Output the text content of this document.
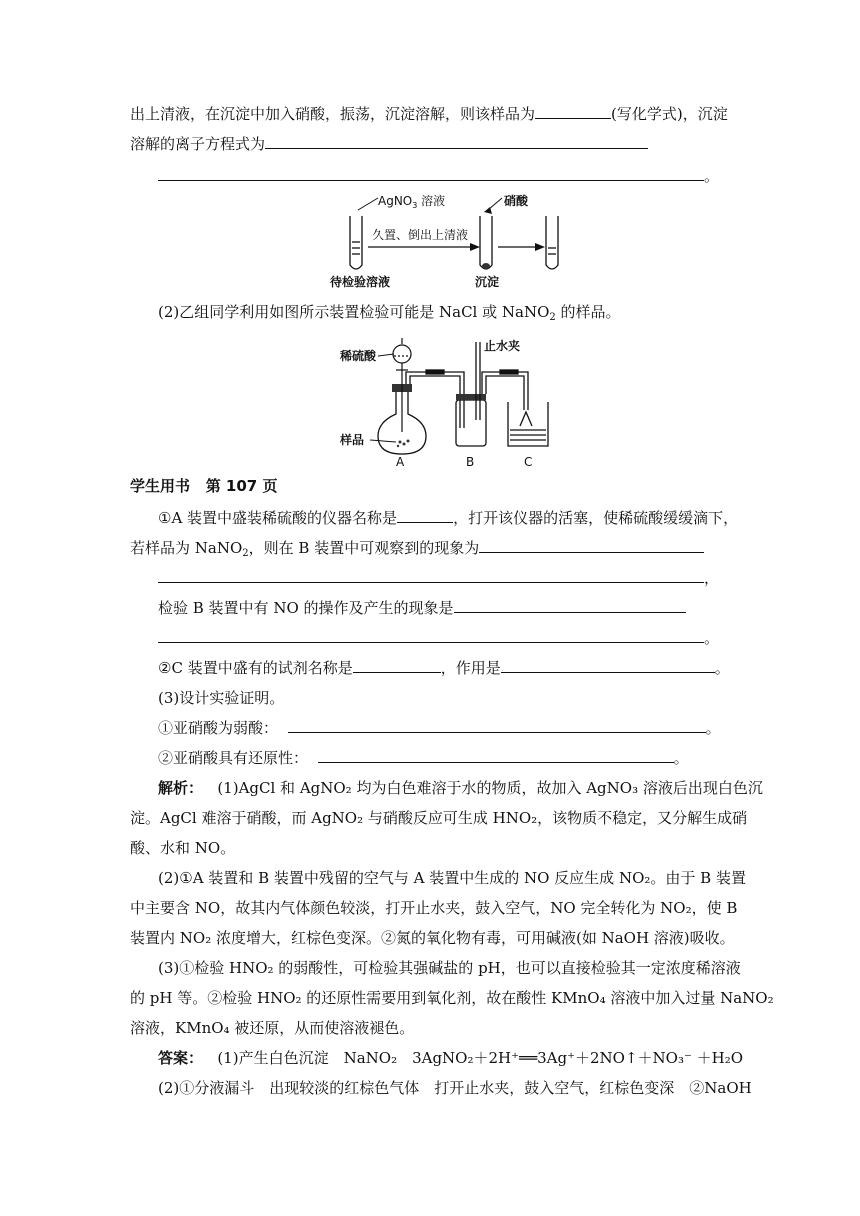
出上清液，在沉淀中加入硝酸，振荡，沉淀溶解，则该样品为	(写化学式)，沉淀
溶解的离子方程式为
。
AgNO$_3$ 溶液
待检验溶液
久置、倒出上清液
硝酸
沉淀
(2)乙组同学利用如图所示装置检验可能是 NaCl 或 NaNO$_2$ 的样品。
稀硫酸
样品
止水夹
A	B	C
学生用书 第 107 页
①A 装置中盛装稀硫酸的仪器名称是	，打开该仪器的活塞，使稀硫酸缓缓滴下，
若样品为 NaNO$_2$，则在 B 装置中可观察到的现象为
，
检验 B 装置中有 NO 的操作及产生的现象是
。
②C 装置中盛有的试剂名称是	，作用是	。
(3)设计实验证明。
①亚硝酸为弱酸：	。
②亚硝酸具有还原性：	。
解析： (1)AgCl 和 AgNO₂ 均为白色难溶于水的物质，故加入 AgNO₃ 溶液后出现白色沉
淀。AgCl 难溶于硝酸，而 AgNO₂ 与硝酸反应可生成 HNO₂，该物质不稳定，又分解生成硝
酸、水和 NO。
(2)①A 装置和 B 装置中残留的空气与 A 装置中生成的 NO 反应生成 NO₂。由于 B 装置
中主要含 NO，故其内气体颜色较淡，打开止水夹，鼓入空气，NO 完全转化为 NO₂，使 B
装置内 NO₂ 浓度增大，红棕色变深。②氮的氧化物有毒，可用碱液(如 NaOH 溶液)吸收。
(3)①检验 HNO₂ 的弱酸性，可检验其强碱盐的 pH，也可以直接检验其一定浓度稀溶液
的 pH 等。②检验 HNO₂ 的还原性需要用到氧化剂，故在酸性 KMnO₄ 溶液中加入过量 NaNO₂
溶液，KMnO₄ 被还原，从而使溶液褪色。
答案： (1)产生白色沉淀　NaNO₂　3AgNO₂＋2H⁺══3Ag⁺＋2NO↑＋NO₃⁻ ＋H₂O
(2)①分液漏斗　出现较淡的红棕色气体　打开止水夹，鼓入空气，红棕色变深　②NaOH
